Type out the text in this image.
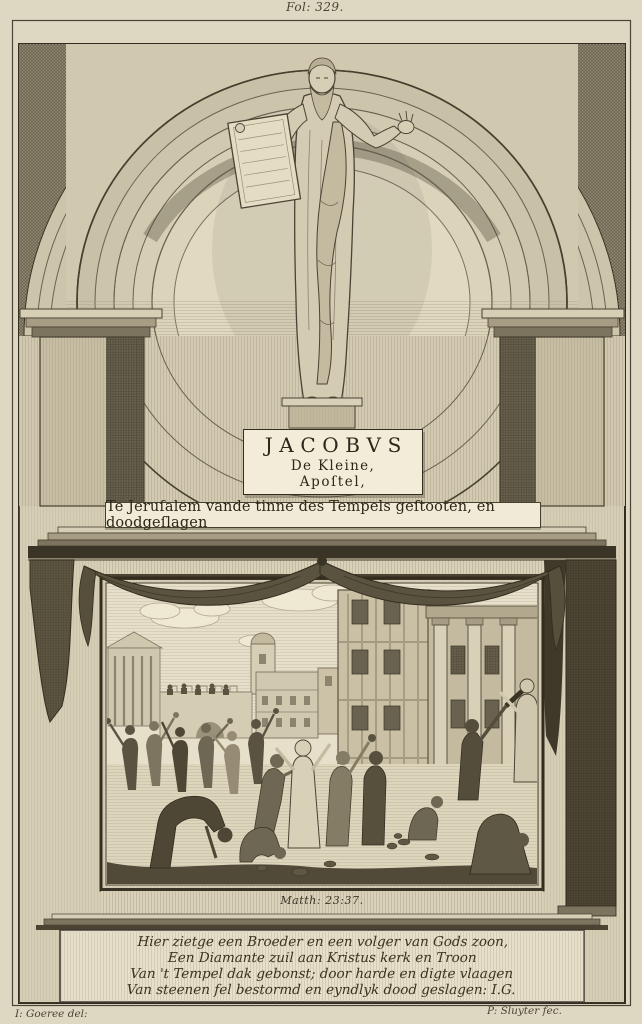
Fol: 329.
JACOBVS
De Kleine,
Apoſtel,
Te Jeruſalem vande tinne des Tempels geſtooten, en doodgeſlagen
Matth: 23:37.
Hier zietge een Broeder en een volger van Gods zoon,
Een Diamante zuil aan Kristus kerk en Troon
Van 't Tempel dak gebonst; door harde en digte vlaagen
Van steenen fel bestormd en eyndlyk dood geslagen: I.G.
I: Goeree del:	P: Sluyter fec.
